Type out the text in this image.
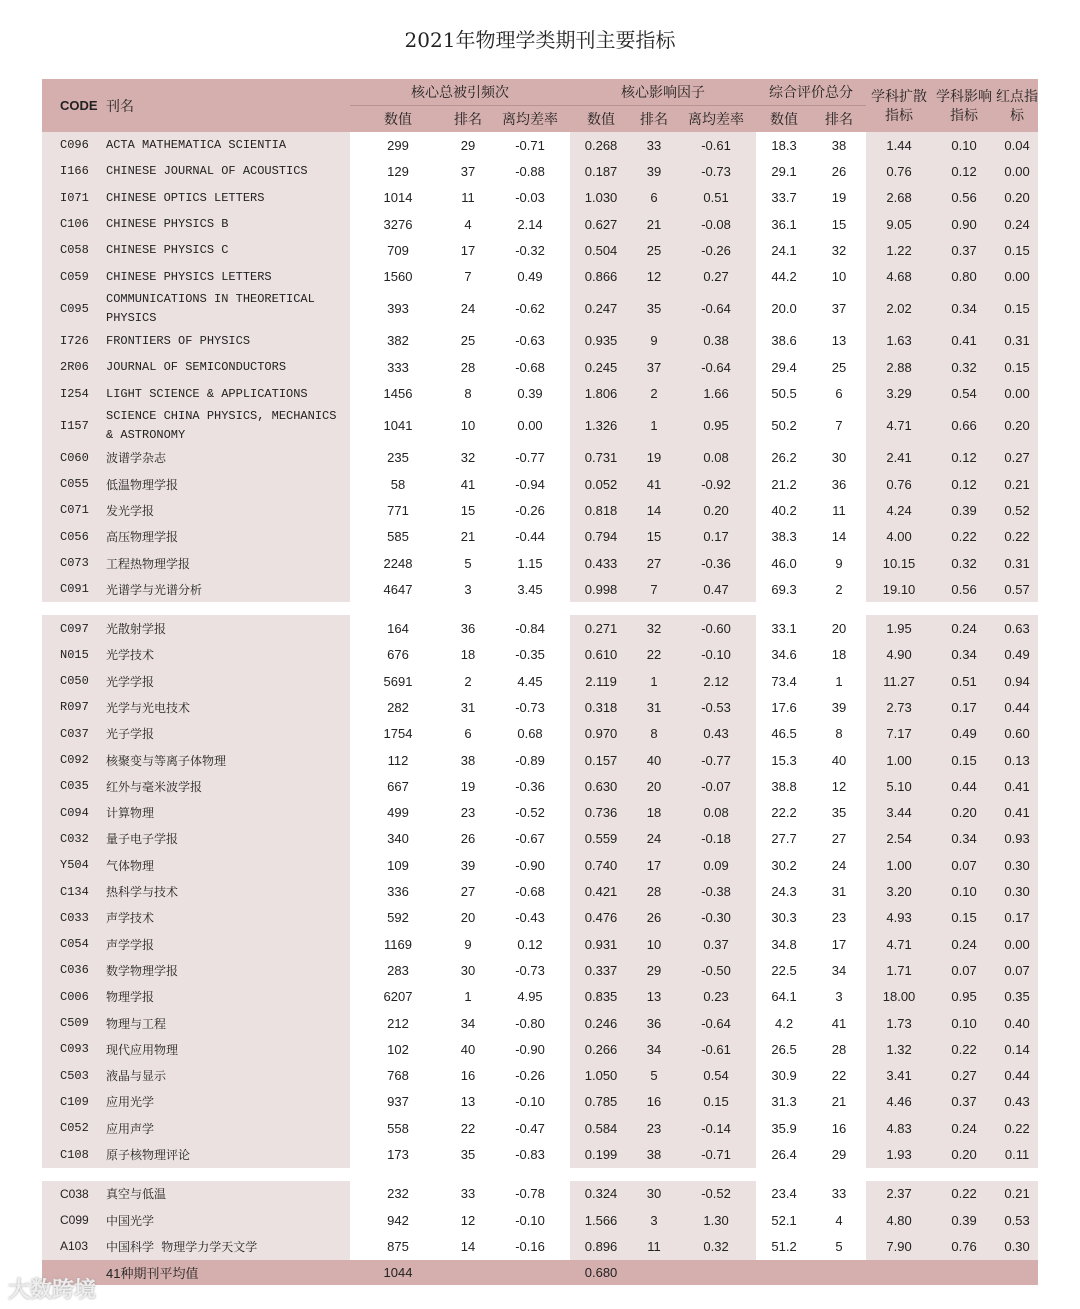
2021年物理学类期刊主要指标
CODE	刊名	核心总被引频次			核心影响因子			综合评价总分		学科扩散指标	学科影响指标	红点指标
		数值	排名	离均差率	数值	排名	离均差率	数值	排名			
C096	ACTA MATHEMATICA SCIENTIA	299	29	-0.71	0.268	33	-0.61	18.3	38	1.44	0.10	0.04
I166	CHINESE JOURNAL OF ACOUSTICS	129	37	-0.88	0.187	39	-0.73	29.1	26	0.76	0.12	0.00
I071	CHINESE OPTICS LETTERS	1014	11	-0.03	1.030	6	0.51	33.7	19	2.68	0.56	0.20
C106	CHINESE PHYSICS B	3276	4	2.14	0.627	21	-0.08	36.1	15	9.05	0.90	0.24
C058	CHINESE PHYSICS C	709	17	-0.32	0.504	25	-0.26	24.1	32	1.22	0.37	0.15
C059	CHINESE PHYSICS LETTERS	1560	7	0.49	0.866	12	0.27	44.2	10	4.68	0.80	0.00
C095	COMMUNICATIONS IN THEORETICAL PHYSICS	393	24	-0.62	0.247	35	-0.64	20.0	37	2.02	0.34	0.15
I726	FRONTIERS OF PHYSICS	382	25	-0.63	0.935	9	0.38	38.6	13	1.63	0.41	0.31
2R06	JOURNAL OF SEMICONDUCTORS	333	28	-0.68	0.245	37	-0.64	29.4	25	2.88	0.32	0.15
I254	LIGHT SCIENCE & APPLICATIONS	1456	8	0.39	1.806	2	1.66	50.5	6	3.29	0.54	0.00
I157	SCIENCE CHINA PHYSICS, MECHANICS & ASTRONOMY	1041	10	0.00	1.326	1	0.95	50.2	7	4.71	0.66	0.20
C060	波谱学杂志	235	32	-0.77	0.731	19	0.08	26.2	30	2.41	0.12	0.27
C055	低温物理学报	58	41	-0.94	0.052	41	-0.92	21.2	36	0.76	0.12	0.21
C071	发光学报	771	15	-0.26	0.818	14	0.20	40.2	11	4.24	0.39	0.52
C056	高压物理学报	585	21	-0.44	0.794	15	0.17	38.3	14	4.00	0.22	0.22
C073	工程热物理学报	2248	5	1.15	0.433	27	-0.36	46.0	9	10.15	0.32	0.31
C091	光谱学与光谱分析	4647	3	3.45	0.998	7	0.47	69.3	2	19.10	0.56	0.57

C097	光散射学报	164	36	-0.84	0.271	32	-0.60	33.1	20	1.95	0.24	0.63
N015	光学技术	676	18	-0.35	0.610	22	-0.10	34.6	18	4.90	0.34	0.49
C050	光学学报	5691	2	4.45	2.119	1	2.12	73.4	1	11.27	0.51	0.94
R097	光学与光电技术	282	31	-0.73	0.318	31	-0.53	17.6	39	2.73	0.17	0.44
C037	光子学报	1754	6	0.68	0.970	8	0.43	46.5	8	7.17	0.49	0.60
C092	核聚变与等离子体物理	112	38	-0.89	0.157	40	-0.77	15.3	40	1.00	0.15	0.13
C035	红外与毫米波学报	667	19	-0.36	0.630	20	-0.07	38.8	12	5.10	0.44	0.41
C094	计算物理	499	23	-0.52	0.736	18	0.08	22.2	35	3.44	0.20	0.41
C032	量子电子学报	340	26	-0.67	0.559	24	-0.18	27.7	27	2.54	0.34	0.93
Y504	气体物理	109	39	-0.90	0.740	17	0.09	30.2	24	1.00	0.07	0.30
C134	热科学与技术	336	27	-0.68	0.421	28	-0.38	24.3	31	3.20	0.10	0.30
C033	声学技术	592	20	-0.43	0.476	26	-0.30	30.3	23	4.93	0.15	0.17
C054	声学学报	1169	9	0.12	0.931	10	0.37	34.8	17	4.71	0.24	0.00
C036	数学物理学报	283	30	-0.73	0.337	29	-0.50	22.5	34	1.71	0.07	0.07
C006	物理学报	6207	1	4.95	0.835	13	0.23	64.1	3	18.00	0.95	0.35
C509	物理与工程	212	34	-0.80	0.246	36	-0.64	4.2	41	1.73	0.10	0.40
C093	现代应用物理	102	40	-0.90	0.266	34	-0.61	26.5	28	1.32	0.22	0.14
C503	液晶与显示	768	16	-0.26	1.050	5	0.54	30.9	22	3.41	0.27	0.44
C109	应用光学	937	13	-0.10	0.785	16	0.15	31.3	21	4.46	0.37	0.43
C052	应用声学	558	22	-0.47	0.584	23	-0.14	35.9	16	4.83	0.24	0.22
C108	原子核物理评论	173	35	-0.83	0.199	38	-0.71	26.4	29	1.93	0.20	0.11

C038	真空与低温	232	33	-0.78	0.324	30	-0.52	23.4	33	2.37	0.22	0.21
C099	中国光学	942	12	-0.10	1.566	3	1.30	52.1	4	4.80	0.39	0.53
A103	中国科学 物理学力学天文学	875	14	-0.16	0.896	11	0.32	51.2	5	7.90	0.76	0.30
	41种期刊平均值	1044			0.680							
大数跨境
